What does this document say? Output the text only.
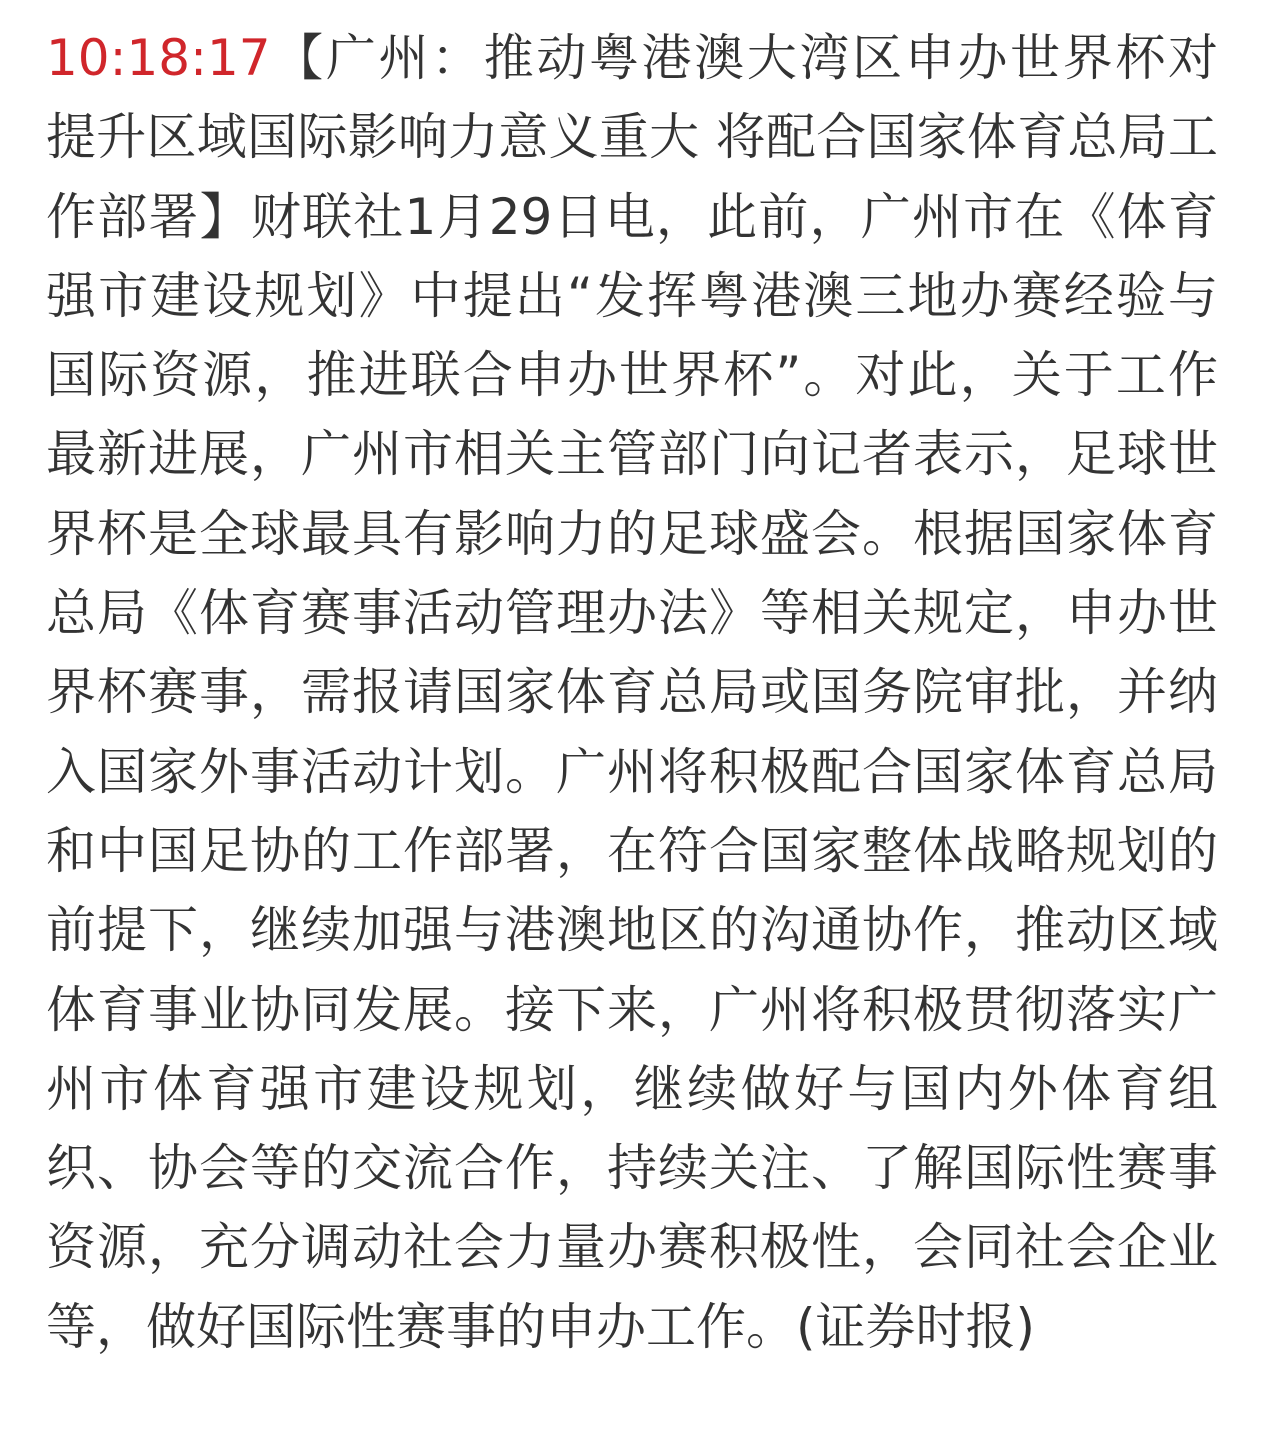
10:18:17【广州：推动粤港澳大湾区申办世界杯对提升区域国际影响力意义重大 将配合国家体育总局工作部署】财联社1月29日电，此前，广州市在《体育强市建设规划》中提出“发挥粤港澳三地办赛经验与国际资源，推进联合申办世界杯”。对此，关于工作最新进展，广州市相关主管部门向记者表示，足球世界杯是全球最具有影响力的足球盛会。根据国家体育总局《体育赛事活动管理办法》等相关规定，申办世界杯赛事，需报请国家体育总局或国务院审批，并纳入国家外事活动计划。广州将积极配合国家体育总局和中国足协的工作部署，在符合国家整体战略规划的前提下，继续加强与港澳地区的沟通协作，推动区域体育事业协同发展。接下来，广州将积极贯彻落实广州市体育强市建设规划，继续做好与国内外体育组织、协会等的交流合作，持续关注、了解国际性赛事资源，充分调动社会力量办赛积极性，会同社会企业等，做好国际性赛事的申办工作。(证券时报)
